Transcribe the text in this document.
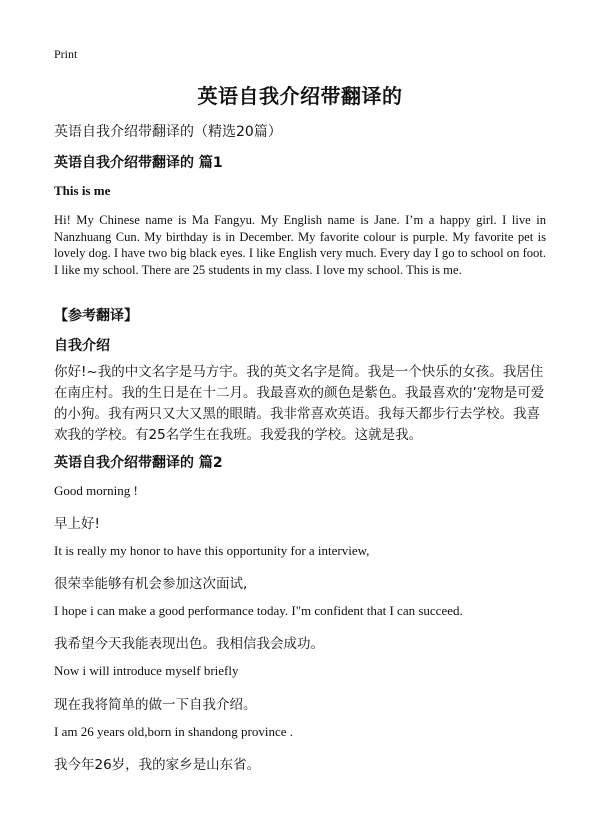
Print
英语自我介绍带翻译的
英语自我介绍带翻译的（精选20篇）
英语自我介绍带翻译的 篇1
This is me
Hi! My Chinese name is Ma Fangyu. My English name is Jane. I’m a happy girl. I live in Nanzhuang Cun. My birthday is in December. My favorite colour is purple. My favorite pet is lovely dog. I have two big black eyes. I like English very much. Every day I go to school on foot. I like my school. There are 25 students in my class. I love my school. This is me.
【参考翻译】
自我介绍
你好!~我的中文名字是马方宇。我的英文名字是简。我是一个快乐的女孩。我居住在南庄村。我的生日是在十二月。我最喜欢的颜色是紫色。我最喜欢的’宠物是可爱的小狗。我有两只又大又黑的眼睛。我非常喜欢英语。我每天都步行去学校。我喜欢我的学校。有25名学生在我班。我爱我的学校。这就是我。
英语自我介绍带翻译的 篇2
Good morning !
早上好!
It is really my honor to have this opportunity for a interview,
很荣幸能够有机会参加这次面试,
I hope i can make a good performance today. I"m confident that I can succeed.
我希望今天我能表现出色。我相信我会成功。
Now i will introduce myself briefly
现在我将简单的做一下自我介绍。
I am 26 years old,born in shandong province .
我今年26岁，我的家乡是山东省。
